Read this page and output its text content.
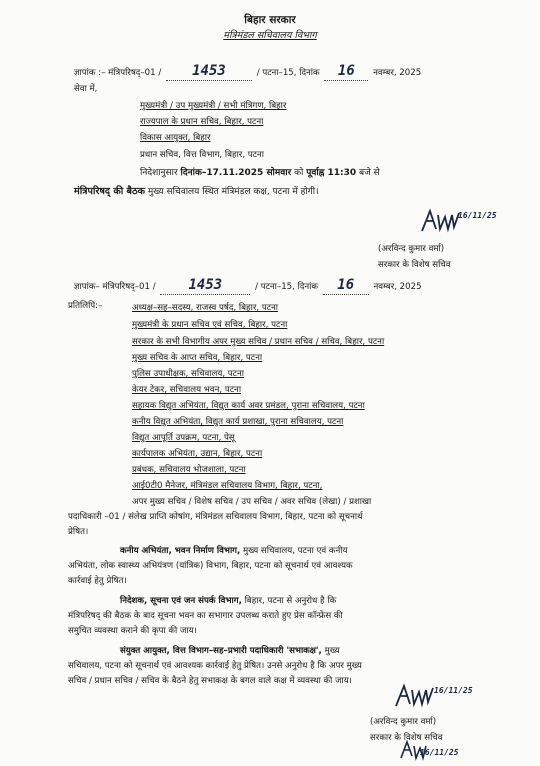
बिहार सरकार
मंत्रिमंडल सचिवालय विभाग
ज्ञापांक :– मंत्रिपरिषद्–01 / 1453	/ पटना–15, दिनांक 16 नवम्बर, 2025
सेवा में,
मुख्यमंत्री / उप मुख्यमंत्री / सभी मंत्रिगण, बिहार
राज्यपाल के प्रधान सचिव, बिहार, पटना
विकास आयुक्त, बिहार
प्रधान सचिव, वित्त विभाग, बिहार, पटना
निदेशानुसार दिनांक–17.11.2025 सोमवार को पूर्वाह्न 11:30 बजे से
मंत्रिपरिषद् की बैठक मुख्य सचिवालय स्थित मंत्रिमंडल कक्ष, पटना में होगी।
16/11/25
(अरविन्द कुमार वर्मा)
सरकार के विशेष सचिव
ज्ञापांक– मंत्रिपरिषद्–01 / 1453	/ पटना–15, दिनांक 16 नवम्बर, 2025
प्रतिलिपि:–	अध्यक्ष–सह–सदस्य, राजस्व पर्षद, बिहार, पटना
मुख्यमंत्री के प्रधान सचिव एवं सचिव, बिहार, पटना
सरकार के सभी विभागीय अपर मुख्य सचिव / प्रधान सचिव / सचिव, बिहार, पटना
मुख्य सचिव के आप्त सचिव, बिहार, पटना
पुलिस उपाधीक्षक, सचिवालय, पटना
केयर टेकर, सचिवालय भवन, पटना
सहायक विद्युत अभियंता, विद्युत कार्य अवर प्रमंडल, पुराना सचिवालय, पटना
कनीय विद्युत अभियंता, विद्युत कार्य प्रशाखा, पुराना सचिवालय, पटना
विद्युत आपूर्ति उपक्रम, पटना, पेसू
कार्यपालक अभियंता, उद्यान, बिहार, पटना
प्रबंधक, सचिवालय भोजशाला, पटना
आई0टी0 मैनेजर, मंत्रिमंडल सचिवालय विभाग, बिहार, पटना,
अपर मुख्य सचिव / विशेष सचिव / उप सचिव / अवर सचिव (लेखा) / प्रशाखा
पदाधिकारी –01 / संलेख प्राप्ति कोषांग, मंत्रिमंडल सचिवालय विभाग, बिहार, पटना को सूचनार्थ
प्रेषित।
कनीय अभियंता, भवन निर्माण विभाग, मुख्य सचिवालय, पटना एवं कनीय
अभियंता, लोक स्वास्थ्य अभियंत्रण (यांत्रिक) विभाग, बिहार, पटना को सूचनार्थ एवं आवश्यक
कार्रवाई हेतु प्रेषित।
निदेशक, सूचना एवं जन संपर्क विभाग, बिहार, पटना से अनुरोध है कि
मंत्रिपरिषद् की बैठक के बाद सूचना भवन का सभागार उपलब्ध कराते हुए प्रेस कॉन्फ्रेंस की
समुचित व्यवस्था कराने की कृपा की जाय।
संयुक्त आयुक्त, वित्त विभाग–सह–प्रभारी पदाधिकारी 'सभाकक्ष', मुख्य
सचिवालय, पटना को सूचनार्थ एवं आवश्यक कार्रवाई हेतु प्रेषित। उनसे अनुरोध है कि अपर मुख्य
सचिव / प्रधान सचिव / सचिव के बैठने हेतु सभाकक्ष के बगल वाले कक्ष में व्यवस्था की जाय।
16/11/25
(अरविन्द कुमार वर्मा)
सरकार के विशेष सचिव
16/11/25
